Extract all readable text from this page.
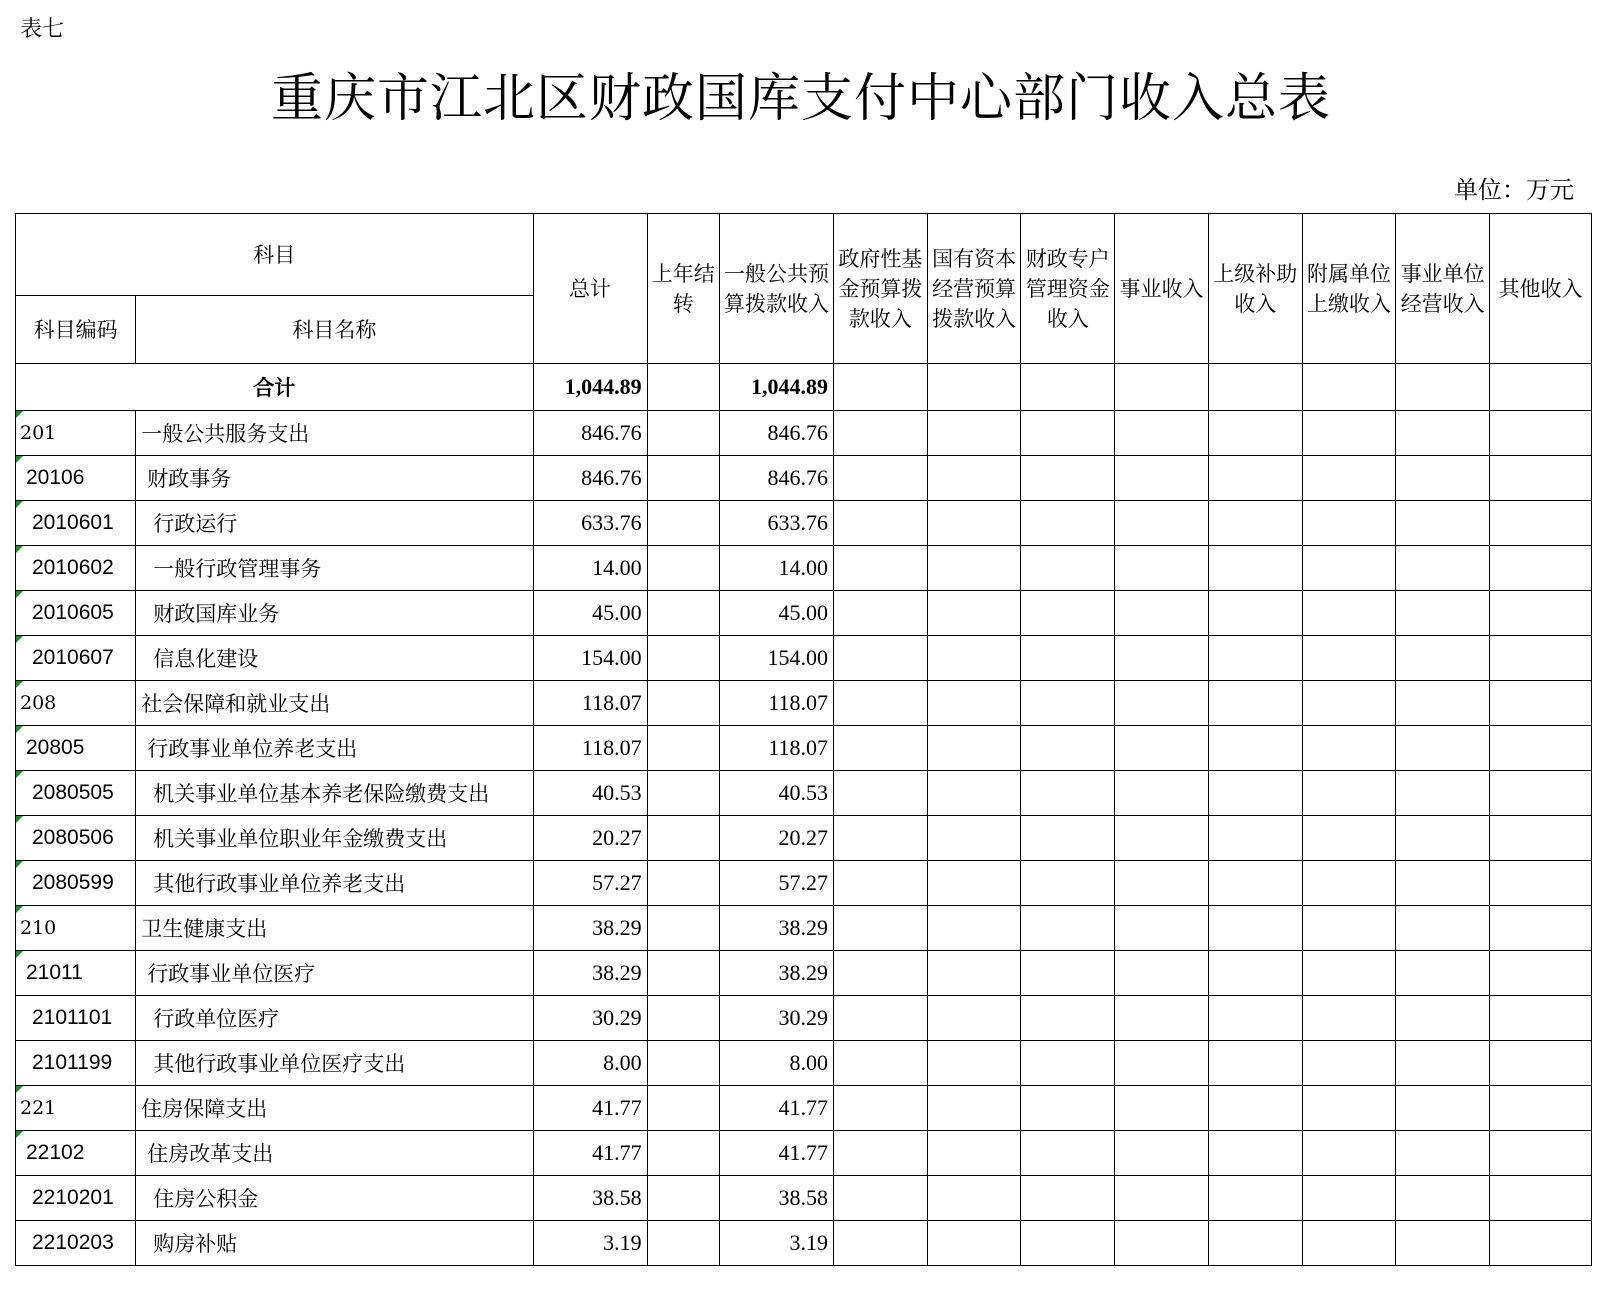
表七
重庆市江北区财政国库支付中心部门收入总表
单位：万元
科目		总计	上年结转	一般公共预算拨款收入	政府性基金预算拨款收入	国有资本经营预算拨款收入	财政专户管理资金收入	事业收入	上级补助收入	附属单位上缴收入	事业单位经营收入	其他收入
科目编码	科目名称											
合计		1,044.89		1,044.89								

201	一般公共服务支出	846.76		846.76								

20106	财政事务	846.76		846.76								

2010601	行政运行	633.76		633.76								

2010602	一般行政管理事务	14.00		14.00								

2010605	财政国库业务	45.00		45.00								

2010607	信息化建设	154.00		154.00								

208	社会保障和就业支出	118.07		118.07								

20805	行政事业单位养老支出	118.07		118.07								

2080505	机关事业单位基本养老保险缴费支出	40.53		40.53								

2080506	机关事业单位职业年金缴费支出	20.27		20.27								

2080599	其他行政事业单位养老支出	57.27		57.27								

210	卫生健康支出	38.29		38.29								

21011	行政事业单位医疗	38.29		38.29								
2101101	行政单位医疗	30.29		30.29								
2101199	其他行政事业单位医疗支出	8.00		8.00								

221	住房保障支出	41.77		41.77								

22102	住房改革支出	41.77		41.77								
2210201	住房公积金	38.58		38.58								
2210203	购房补贴	3.19		3.19								
